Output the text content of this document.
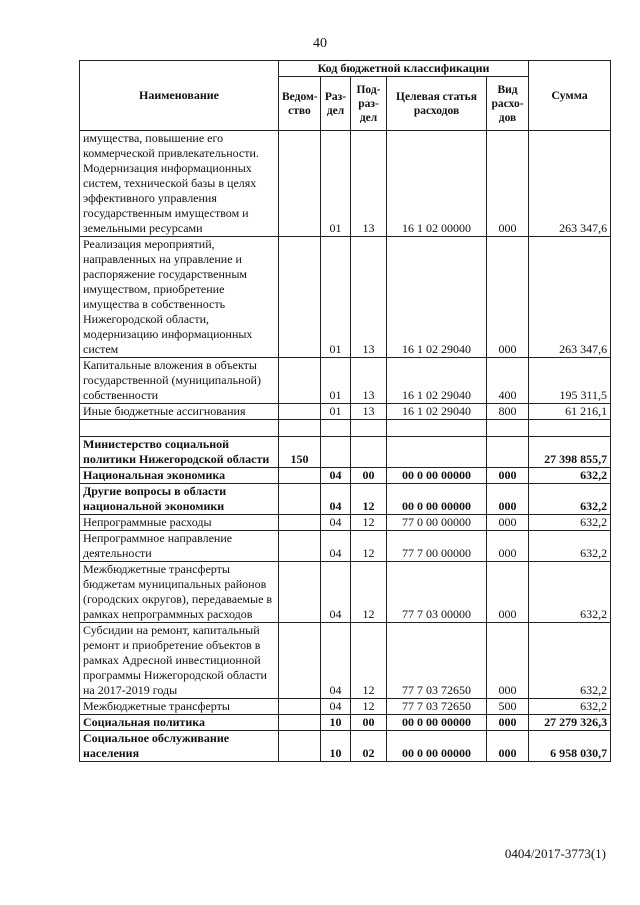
40
Наименование	Код бюджетной классификации					Сумма
	Ведом-ство	Раз-дел	Под-раз-дел	Целевая статья расходов	Вид расхо-дов	
имущества, повышение его коммерческой привлекательности. Модернизация информационных систем, технической базы в целях эффективного управления государственным имуществом и земельными ресурсами		01	13	16 1 02 00000	000	263 347,6
Реализация мероприятий, направленных на управление и распоряжение государственным имуществом, приобретение имущества в собственность Нижегородской области, модернизацию информационных систем		01	13	16 1 02 29040	000	263 347,6
Капитальные вложения в объекты государственной (муниципальной) собственности		01	13	16 1 02 29040	400	195 311,5
Иные бюджетные ассигнования		01	13	16 1 02 29040	800	61 216,1

Министерство социальной политики Нижегородской области	150					27 398 855,7
Национальная экономика		04	00	00 0 00 00000	000	632,2
Другие вопросы в области национальной экономики		04	12	00 0 00 00000	000	632,2
Непрограммные расходы		04	12	77 0 00 00000	000	632,2
Непрограммное направление деятельности		04	12	77 7 00 00000	000	632,2
Межбюджетные трансферты бюджетам муниципальных районов (городских округов), передаваемые в рамках непрограммных расходов		04	12	77 7 03 00000	000	632,2
Субсидии на ремонт, капитальный ремонт и приобретение объектов в рамках Адресной инвестиционной программы Нижегородской области на 2017-2019 годы		04	12	77 7 03 72650	000	632,2
Межбюджетные трансферты		04	12	77 7 03 72650	500	632,2
Социальная политика		10	00	00 0 00 00000	000	27 279 326,3
Социальное обслуживание населения		10	02	00 0 00 00000	000	6 958 030,7
0404/2017-3773(1)
